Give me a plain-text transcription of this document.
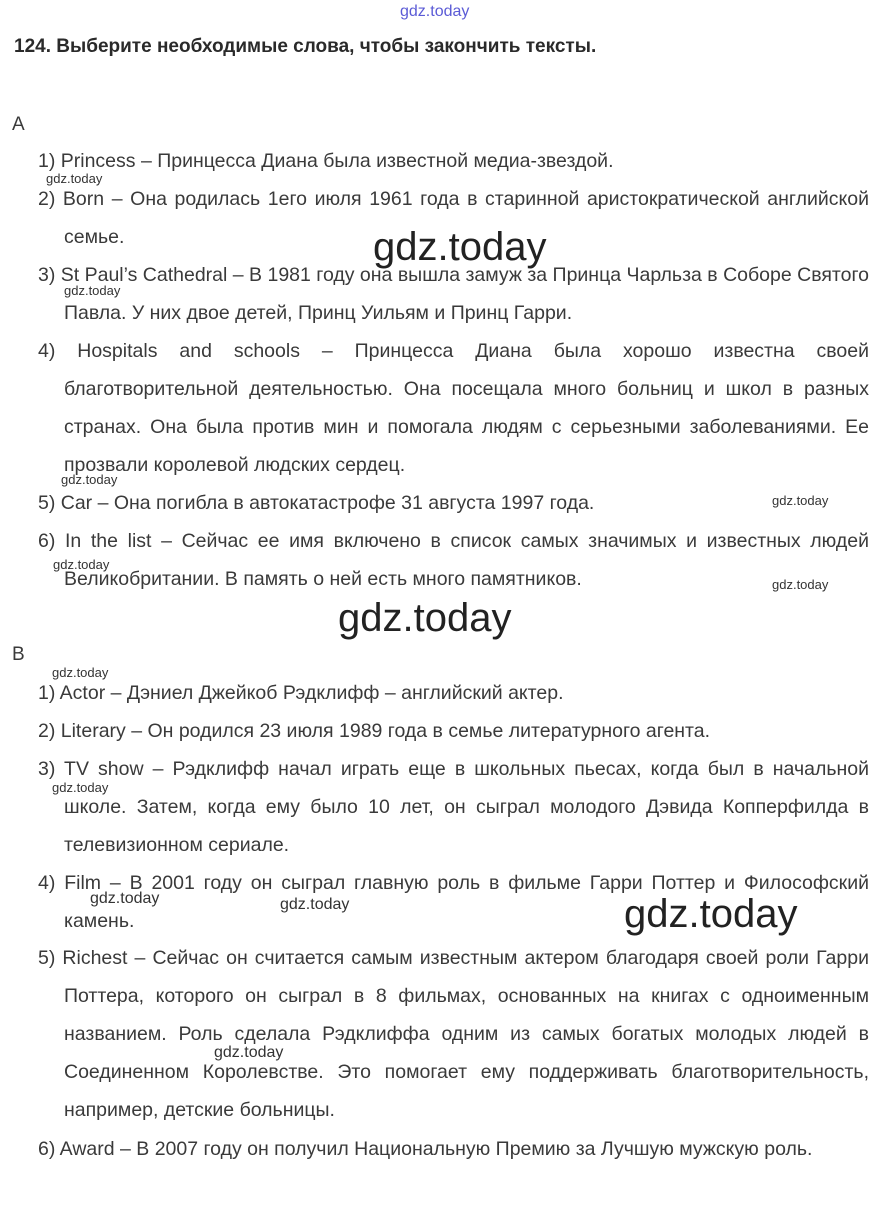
gdz.today
124. Выберите необходимые слова, чтобы закончить тексты.
A
1) Princess – Принцесса Диана была известной медиа-звездой.
2) Born – Она родилась 1его июля 1961 года в старинной аристократической английской семье.
3) St Paul’s Cathedral – В 1981 году она вышла замуж за Принца Чарльза в Соборе Святого Павла. У них двое детей, Принц Уильям и Принц Гарри.
4) Hospitals and schools – Принцесса Диана была хорошо известна своей благотворительной деятельностью. Она посещала много больниц и школ в разных странах. Она была против мин и помогала людям с серьезными заболеваниями. Ее прозвали королевой людских сердец.
5) Car – Она погибла в автокатастрофе 31 августа 1997 года.
6) In the list – Сейчас ее имя включено в список самых значимых и известных людей Великобритании. В память о ней есть много памятников.
B
1) Actor – Дэниел Джейкоб Рэдклифф – английский актер.
2) Literary – Он родился 23 июля 1989 года в семье литературного агента.
3) TV show – Рэдклифф начал играть еще в школьных пьесах, когда был в начальной школе. Затем, когда ему было 10 лет, он сыграл молодого Дэвида Копперфилда в телевизионном сериале.
4) Film – В 2001 году он сыграл главную роль в фильме Гарри Поттер и Философский камень.
5) Richest – Сейчас он считается самым известным актером благодаря своей роли Гарри Поттера, которого он сыграл в 8 фильмах, основанных на книгах с одноименным названием. Роль сделала Рэдклиффа одним из самых богатых молодых людей в Соединенном Королевстве. Это помогает ему поддерживать благотворительность, например, детские больницы.
6) Award – В 2007 году он получил Национальную Премию за Лучшую мужскую роль.
gdz.today
gdz.today
gdz.today
gdz.today
gdz.today
gdz.today
gdz.today
gdz.today
gdz.today
gdz.today
gdz.today	gdz.today	gdz.today
gdz.today
